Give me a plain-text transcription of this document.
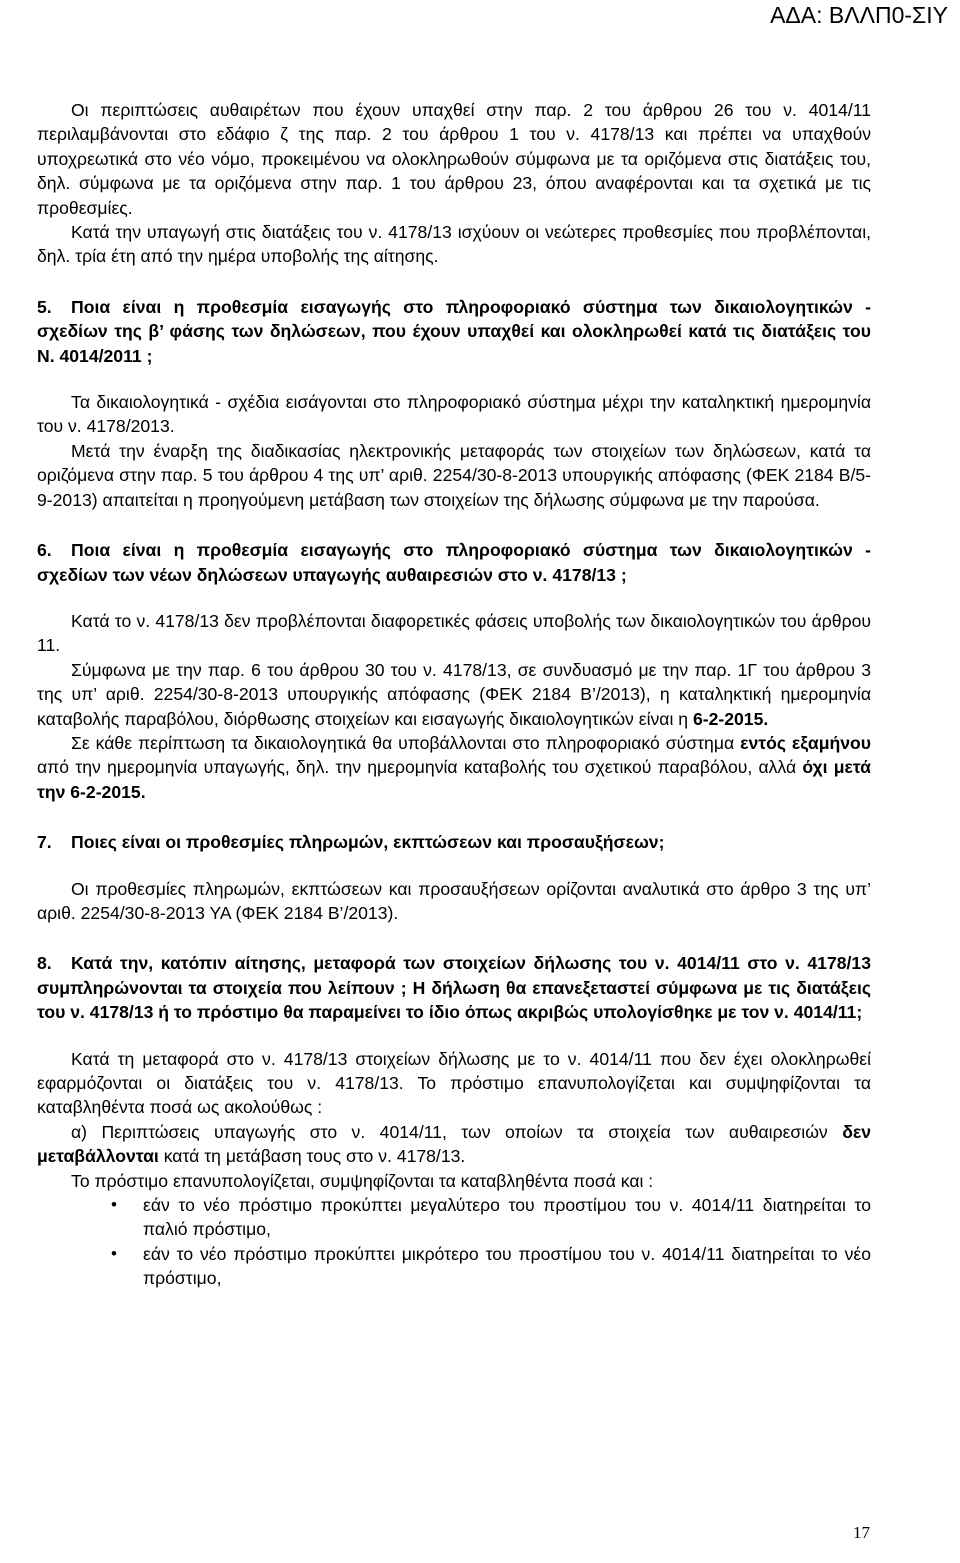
ΑΔΑ: ΒΛΛΠ0-ΣΙΥ

Οι περιπτώσεις αυθαιρέτων που έχουν υπαχθεί στην παρ. 2 του άρθρου 26 του ν. 4014/11 περιλαμβάνονται στο εδάφιο ζ της παρ. 2 του άρθρου 1 του ν. 4178/13 και πρέπει να υπαχθούν υποχρεωτικά στο νέο νόμο, προκειμένου να ολοκληρωθούν σύμφωνα με τα οριζόμενα στις διατάξεις του, δηλ. σύμφωνα με τα οριζόμενα στην παρ. 1 του άρθρου 23, όπου αναφέρονται και τα σχετικά με τις προθεσμίες.

Κατά την υπαγωγή στις διατάξεις του ν. 4178/13 ισχύουν οι νεώτερες προθεσμίες που προβλέπονται, δηλ. τρία έτη από την ημέρα υποβολής της αίτησης.

5.	Ποια είναι η προθεσμία εισαγωγής στο πληροφοριακό σύστημα των δικαιολογητικών - σχεδίων της β’ φάσης των δηλώσεων, που έχουν υπαχθεί και ολοκληρωθεί κατά τις διατάξεις του Ν. 4014/2011 ;

Τα δικαιολογητικά - σχέδια εισάγονται στο πληροφοριακό σύστημα μέχρι την καταληκτική ημερομηνία του ν. 4178/2013.

Μετά την έναρξη της διαδικασίας ηλεκτρονικής μεταφοράς των στοιχείων των δηλώσεων, κατά τα οριζόμενα στην παρ. 5 του άρθρου 4 της υπ’ αριθ. 2254/30-8-2013 υπουργικής απόφασης (ΦΕΚ 2184 Β/5-9-2013) απαιτείται η προηγούμενη μετάβαση των στοιχείων της δήλωσης σύμφωνα με την παρούσα.

6.	Ποια είναι η προθεσμία εισαγωγής στο πληροφοριακό σύστημα των δικαιολογητικών - σχεδίων των νέων δηλώσεων υπαγωγής αυθαιρεσιών στο ν. 4178/13 ;

Κατά το ν. 4178/13 δεν προβλέπονται διαφορετικές φάσεις υποβολής των δικαιολογητικών του άρθρου 11.

Σύμφωνα με την παρ. 6 του άρθρου 30 του ν. 4178/13, σε συνδυασμό με την παρ. 1Γ του άρθρου 3 της υπ’ αριθ. 2254/30-8-2013 υπουργικής απόφασης (ΦΕΚ 2184 Β’/2013), η καταληκτική ημερομηνία καταβολής παραβόλου, διόρθωσης στοιχείων και εισαγωγής δικαιολογητικών είναι η 6-2-2015.

Σε κάθε περίπτωση τα δικαιολογητικά θα υποβάλλονται στο πληροφοριακό σύστημα εντός εξαμήνου από την ημερομηνία υπαγωγής, δηλ. την ημερομηνία καταβολής του σχετικού παραβόλου, αλλά όχι μετά την 6-2-2015.

7.	Ποιες είναι οι προθεσμίες πληρωμών, εκπτώσεων και προσαυξήσεων;

Οι προθεσμίες πληρωμών, εκπτώσεων και προσαυξήσεων ορίζονται αναλυτικά στο άρθρο 3 της υπ’ αριθ. 2254/30-8-2013 ΥΑ (ΦΕΚ 2184 Β’/2013).

8.	Κατά την, κατόπιν αίτησης, μεταφορά των στοιχείων δήλωσης του ν. 4014/11 στο ν. 4178/13 συμπληρώνονται τα στοιχεία που λείπουν ; Η δήλωση θα επανεξεταστεί σύμφωνα με τις διατάξεις του ν. 4178/13 ή το πρόστιμο θα παραμείνει το ίδιο όπως ακριβώς υπολογίσθηκε με τον ν. 4014/11;

Κατά τη μεταφορά στο ν. 4178/13 στοιχείων δήλωσης με το ν. 4014/11 που δεν έχει ολοκληρωθεί εφαρμόζονται οι διατάξεις του ν. 4178/13. Το πρόστιμο επανυπολογίζεται και συμψηφίζονται τα καταβληθέντα ποσά ως ακολούθως :

α) Περιπτώσεις υπαγωγής στο ν. 4014/11, των οποίων τα στοιχεία των αυθαιρεσιών δεν μεταβάλλονται κατά τη μετάβαση τους στο ν. 4178/13.

Το πρόστιμο επανυπολογίζεται, συμψηφίζονται τα καταβληθέντα ποσά και :

• εάν το νέο πρόστιμο προκύπτει μεγαλύτερο του προστίμου του ν. 4014/11 διατηρείται το παλιό πρόστιμο,
• εάν το νέο πρόστιμο προκύπτει μικρότερο του προστίμου του ν. 4014/11 διατηρείται το νέο πρόστιμο,
17
